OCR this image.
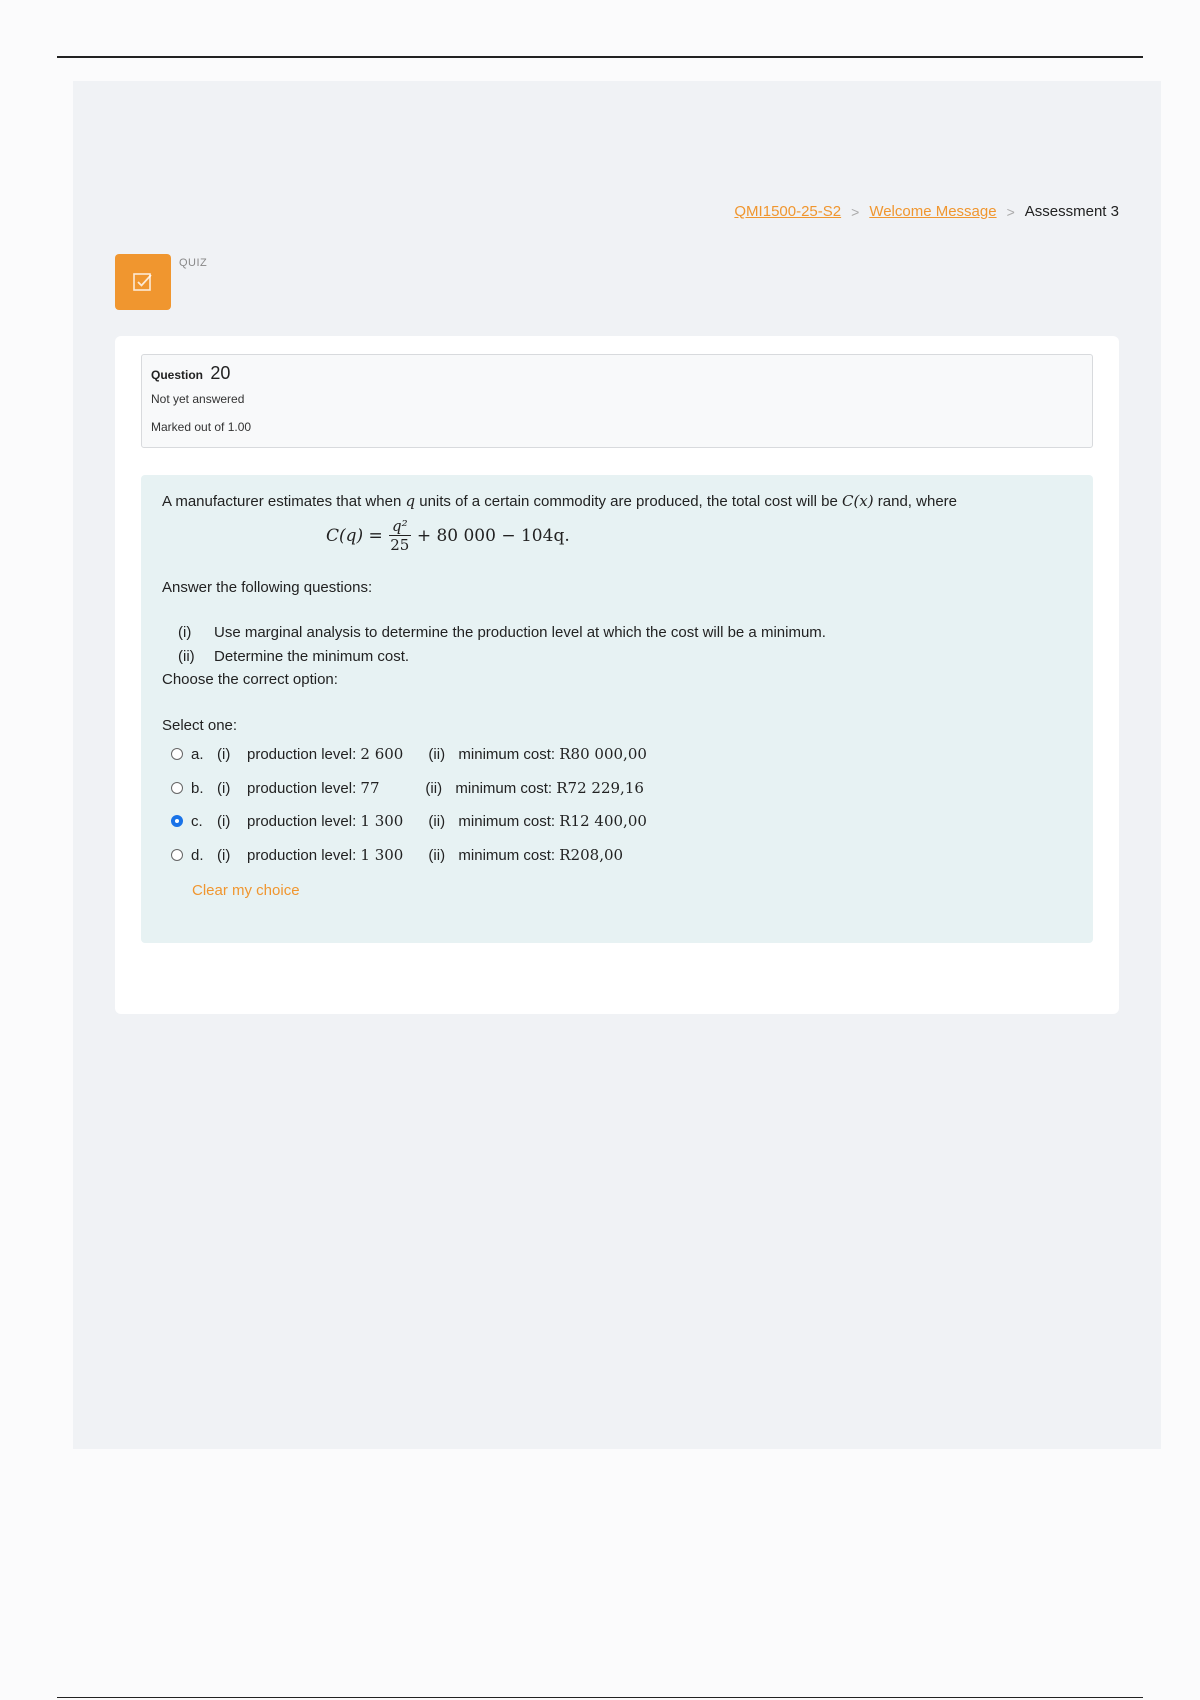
QMI1500-25-S2 > Welcome Message > Assessment 3
QUIZ
Question 20
Not yet answered
Marked out of 1.00
A manufacturer estimates that when q units of a certain commodity are produced, the total cost will be C(x) rand, where
$C(q) = \frac{\text{q²}}{25} + 80$ 000 − 104q.
Answer the following questions:
(i)	Use marginal analysis to determine the production level at which the cost will be a minimum.
(ii) Determine the minimum cost.
Choose the correct option:
Select one:
a. (i)	production level:
2 600	(ii) minimum cost:
R80 000,00
b. (i)	production level:
77	(ii) minimum cost:
R72 229,16
c. (i)	production level:
1 300	(ii) minimum cost:
R12 400,00
d. (i)	production level:
1 300	(ii) minimum cost:
R208,00
Clear my choice
